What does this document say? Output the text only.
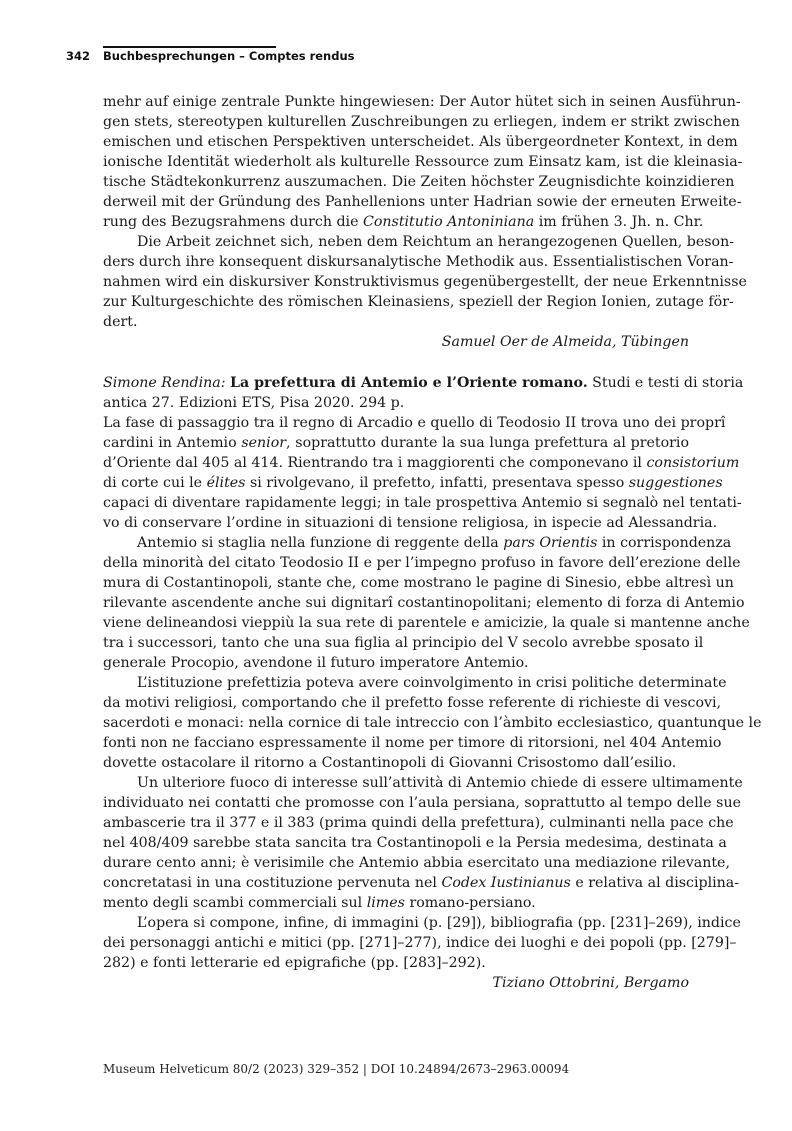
342 Buchbesprechungen – Comptes rendus
mehr auf einige zentrale Punkte hingewiesen: Der Autor hütet sich in seinen Ausführun-
gen stets, stereotypen kulturellen Zuschreibungen zu erliegen, indem er strikt zwischen
emischen und etischen Perspektiven unterscheidet. Als übergeordneter Kontext, in dem
ionische Identität wiederholt als kulturelle Ressource zum Einsatz kam, ist die kleinasia-
tische Städtekonkurrenz auszumachen. Die Zeiten höchster Zeugnisdichte koinzidieren
derweil mit der Gründung des Panhellenions unter Hadrian sowie der erneuten Erweite-
rung des Bezugsrahmens durch die Constitutio Antoniniana im frühen 3. Jh. n. Chr.
Die Arbeit zeichnet sich, neben dem Reichtum an herangezogenen Quellen, beson-
ders durch ihre konsequent diskursanalytische Methodik aus. Essentialistischen Voran-
nahmen wird ein diskursiver Konstruktivismus gegenübergestellt, der neue Erkenntnisse
zur Kulturgeschichte des römischen Kleinasiens, speziell der Region Ionien, zutage för-
dert.
Samuel Oer de Almeida, Tübingen
Simone Rendina: La prefettura di Antemio e l’Oriente romano. Studi e testi di storia
antica 27. Edizioni ETS, Pisa 2020. 294 p.
La fase di passaggio tra il regno di Arcadio e quello di Teodosio II trova uno dei proprî
cardini in Antemio senior, soprattutto durante la sua lunga prefettura al pretorio
d’Oriente dal 405 al 414. Rientrando tra i maggiorenti che componevano il consistorium
di corte cui le élites si rivolgevano, il prefetto, infatti, presentava spesso suggestiones
capaci di diventare rapidamente leggi; in tale prospettiva Antemio si segnalò nel tentati-
vo di conservare l’ordine in situazioni di tensione religiosa, in ispecie ad Alessandria.
Antemio si staglia nella funzione di reggente della pars Orientis in corrispondenza
della minorità del citato Teodosio II e per l’impegno profuso in favore dell’erezione delle
mura di Costantinopoli, stante che, come mostrano le pagine di Sinesio, ebbe altresì un
rilevante ascendente anche sui dignitarî costantinopolitani; elemento di forza di Antemio
viene delineandosi vieppiù la sua rete di parentele e amicizie, la quale si mantenne anche
tra i successori, tanto che una sua figlia al principio del V secolo avrebbe sposato il
generale Procopio, avendone il futuro imperatore Antemio.
L’istituzione prefettizia poteva avere coinvolgimento in crisi politiche determinate
da motivi religiosi, comportando che il prefetto fosse referente di richieste di vescovi,
sacerdoti e monaci: nella cornice di tale intreccio con l’àmbito ecclesiastico, quantunque le
fonti non ne facciano espressamente il nome per timore di ritorsioni, nel 404 Antemio
dovette ostacolare il ritorno a Costantinopoli di Giovanni Crisostomo dall’esilio.
Un ulteriore fuoco di interesse sull’attività di Antemio chiede di essere ultimamente
individuato nei contatti che promosse con l’aula persiana, soprattutto al tempo delle sue
ambascerie tra il 377 e il 383 (prima quindi della prefettura), culminanti nella pace che
nel 408/409 sarebbe stata sancita tra Costantinopoli e la Persia medesima, destinata a
durare cento anni; è verisimile che Antemio abbia esercitato una mediazione rilevante,
concretatasi in una costituzione pervenuta nel Codex Iustinianus e relativa al disciplina-
mento degli scambi commerciali sul limes romano-persiano.
L’opera si compone, infine, di immagini (p. [29]), bibliografia (pp. [231]–269), indice
dei personaggi antichi e mitici (pp. [271]–277), indice dei luoghi e dei popoli (pp. [279]–
282) e fonti letterarie ed epigrafiche (pp. [283]–292).
Tiziano Ottobrini, Bergamo
Museum Helveticum 80/2 (2023) 329–352 | DOI 10.24894/2673–2963.00094
